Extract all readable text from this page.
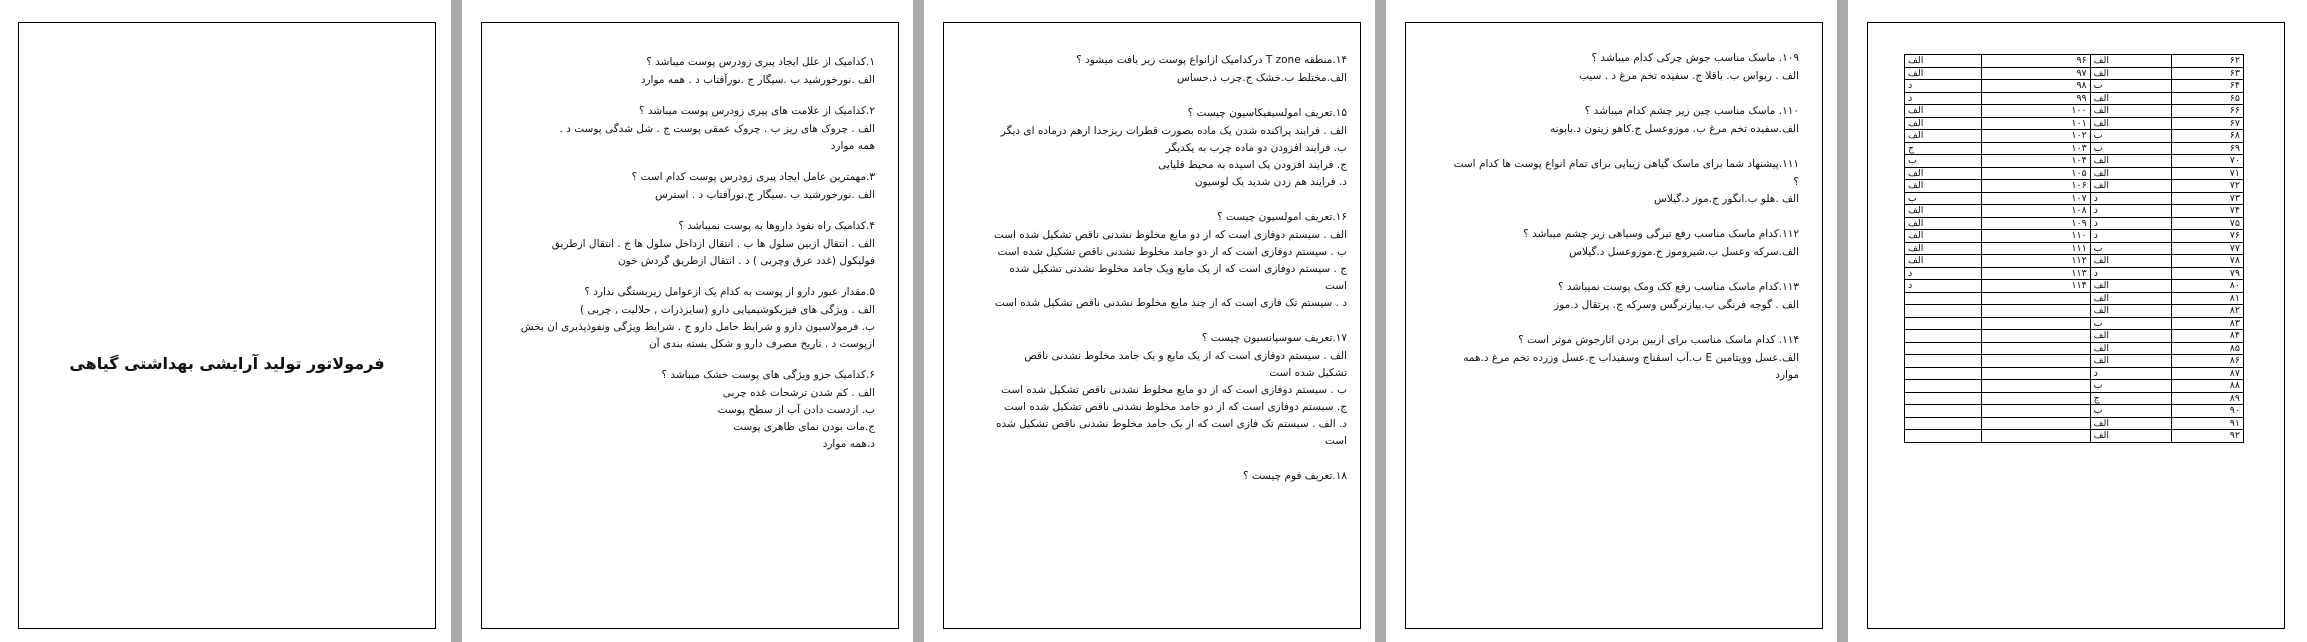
فرمولاتور تولید آرایشی بهداشتی گیاهی
۱.کدامیک از علل ایجاد پیری زودرس پوست میباشد ؟
الف .نورخورشید ب .سیگار ج .نورآفتاب د . همه موارد
۲.کدامیک از علامت های پیری زودرس پوست میباشد ؟
الف . چروک های ریز ب . چروک عمقی پوست ج . شل شدگی پوست د .
همه موارد
۳.مهمترین عامل ایجاد پیری زودرس پوست کدام است ؟
الف .نورخورشید ب .سیگار ج.نورآفتاب د . استرس
۴.کدامیک راه نفوذ داروها به پوست نمیباشد ؟
الف . انتقال ازبین سلول ها ب . انتقال ازداخل سلول ها ج . انتقال ازطریق
فولیکول (غدد عرق وچربی ) د . انتقال ازطریق گردش خون
۵.مقدار عبور دارو از پوست به کدام یک ازعوامل زیربستگی ندارد ؟
الف . ویژگی های فیزیکوشیمیایی دارو (سایزذرات , حلالیت , چربی )
ب. فرمولاسیون دارو و شرایط حامل دارو ج . شرایط ویژگی ونفوذپذیری ان بخش
ازپوست د . تاریخ مصرف دارو و شکل بسته بندی آن
۶.کدامیک جزو ویژگی های پوست خشک میباشد ؟
الف . کم شدن ترشحات غده چربی
ب. ازدست دادن آب از سطح پوست
ج.مات بودن نمای ظاهری پوست
د.همه موارد
۱۴.منطقه T zone درکدامیک ازانواع پوست زیر یافت میشود ؟
الف.مختلط ب.خشک ج.چرب د.حساس
۱۵.تعریف امولسیفیکاسیون چیست ؟
الف . فرایند پراکنده شدن یک ماده بصورت قطرات ریزجدا ازهم درماده ای دیگر
ب. فرایند افزودن دو ماده چرب به یکدیگر
ج. فرایند افزودن یک اسیده به محیط قلیایی
د. فرایند هم زدن شدید یک لوسیون
۱۶.تعریف امولسیون چیست ؟
الف . سیستم دوفازی است که از دو مایع مخلوط نشدنی ناقص تشکیل شده است
ب . سیستم دوفازی است که از دو جامد مخلوط نشدنی ناقص تشکیل شده است
ج . سیستم دوفازی است که از یک مایع ویک جامد مخلوط نشدنی تشکیل شده
است
د . سیستم تک فازی است که از چند مایع مخلوط نشدنی ناقص تشکیل شده است
۱۷.تعریف سوسپانسیون چیست ؟
الف . سیستم دوفازی است که از یک مایع و یک جامد مخلوط نشدنی ناقص
تشکیل شده است
ب . سیستم دوفازی است که از دو مایع مخلوط نشدنی ناقص تشکیل شده است
ج. سیستم دوفازی است که از دو جامد مخلوط نشدنی ناقص تشکیل شده است
د. الف . سیستم تک فازی است که از یک جامد مخلوط نشدنی ناقص تشکیل شده
است
۱۸.تعریف فوم چیست ؟
۱۰۹. ماسک مناسب جوش چرکی کدام میباشد ؟
الف . ریواس ب. باقلا ج. سفیده تخم مرغ د . سیب
۱۱۰. ماسک مناسب چین زیر چشم کدام میباشد ؟
الف.سفیده تخم مرغ ب. موزوعسل ج.کاهو زیتون د.بابونه
۱۱۱.پیشنهاد شما برای ماسک گیاهی زیبایی برای تمام انواع پوست ها کدام است
؟
الف .هلو ب.انگور ج.موز د.گیلاس
۱۱۲.کدام ماسک مناسب رفع تیرگی وسیاهی زیر چشم میباشد ؟
الف.سرکه وعسل ب.شیروموز ج.موزوعسل د.گیلاس
۱۱۳.کدام ماسک مناسب رفع کک ومک پوست نمیباشد ؟
الف . گوجه فرنگی ب.پیازنرگس وسرکه ج. پرتقال د.موز
۱۱۴. کدام ماسک مناسب برای ازبین بردن اثارجوش موثر است ؟
الف.عسل وویتامین E ب.آب اسفناج وسفیداب ج.عسل وزرده تخم مرغ د.همه
موارد
الف	۹۶	الف	۶۲
الف	۹۷	الف	۶۳
د	۹۸	ب	۶۴
د	۹۹	الف	۶۵
الف	۱۰۰	الف	۶۶
الف	۱۰۱	الف	۶۷
الف	۱۰۲	ب	۶۸
ج	۱۰۳	ب	۶۹
ب	۱۰۴	الف	۷۰
الف	۱۰۵	الف	۷۱
الف	۱۰۶	الف	۷۲
ب	۱۰۷	د	۷۳
الف	۱۰۸	د	۷۴
الف	۱۰۹	د	۷۵
الف	۱۱۰	د	۷۶
الف	۱۱۱	ب	۷۷
الف	۱۱۲	الف	۷۸
د	۱۱۳	د	۷۹
د	۱۱۴	الف	۸۰
		الف	۸۱
		الف	۸۲
		ب	۸۳
		الف	۸۴
		الف	۸۵
		الف	۸۶
		د	۸۷
		ب	۸۸
		ج	۸۹
		ب	۹۰
		الف	۹۱
		الف	۹۲
